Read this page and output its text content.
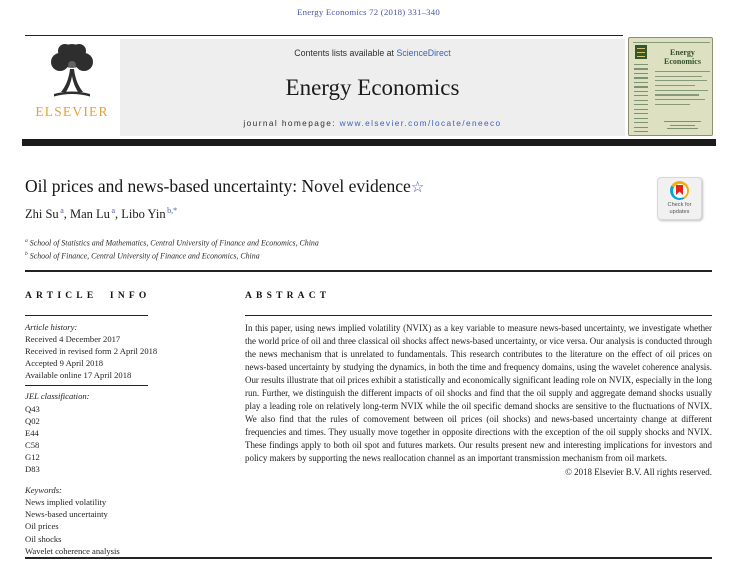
Energy Economics 72 (2018) 331–340
ELSEVIER
Contents lists available at ScienceDirect
Energy Economics
journal homepage: www.elsevier.com/locate/eneeco
Energy Economics
Oil prices and news-based uncertainty: Novel evidence☆
Check for updates
Zhi Su $^a$, Man Lu $^a$, Libo Yin $^{b,*}$
$^a$ School of Statistics and Mathematics, Central University of Finance and Economics, China
$^b$ School of Finance, Central University of Finance and Economics, China
ARTICLE INFO	ABSTRACT
Article history:
Received 4 December 2017
Received in revised form 2 April 2018
Accepted 9 April 2018
Available online 17 April 2018
JEL classification:
Q43
Q02
E44
C58
G12
D83
Keywords:
News implied volatility
News-based uncertainty
Oil prices
Oil shocks
Wavelet coherence analysis
In this paper, using news implied volatility (NVIX) as a key variable to measure news-based uncertainty, we investigate whether the world price of oil and three classical oil shocks affect news-based uncertainty, or vice versa. Our analysis is conducted through the news mechanism that is unrelated to fundamentals. This research contributes to the literature on the effect of oil prices on news-based uncertainty by studying the dynamics, in both the time and frequency domains, using the wavelet coherence analysis. Our results illustrate that oil prices exhibit a statistically and economically significant leading role on NVIX, especially in the long run. Further, we distinguish the different impacts of oil shocks and find that the oil supply and aggregate demand shocks usually play a leading role on relatively long-term NVIX while the oil specific demand shocks are sensitive to the fluctuations of NVIX. We also find that the rules of comovement between oil prices (oil shocks) and news-based uncertainty change at different frequencies and times. They usually move together in opposite directions with the exception of the oil supply shocks and NVIX. These findings apply to both oil spot and futures markets. Our results present new and interesting implications for investors and policy makers by supporting the news reallocation channel as an important transmission mechanism from oil markets.
© 2018 Elsevier B.V. All rights reserved.
